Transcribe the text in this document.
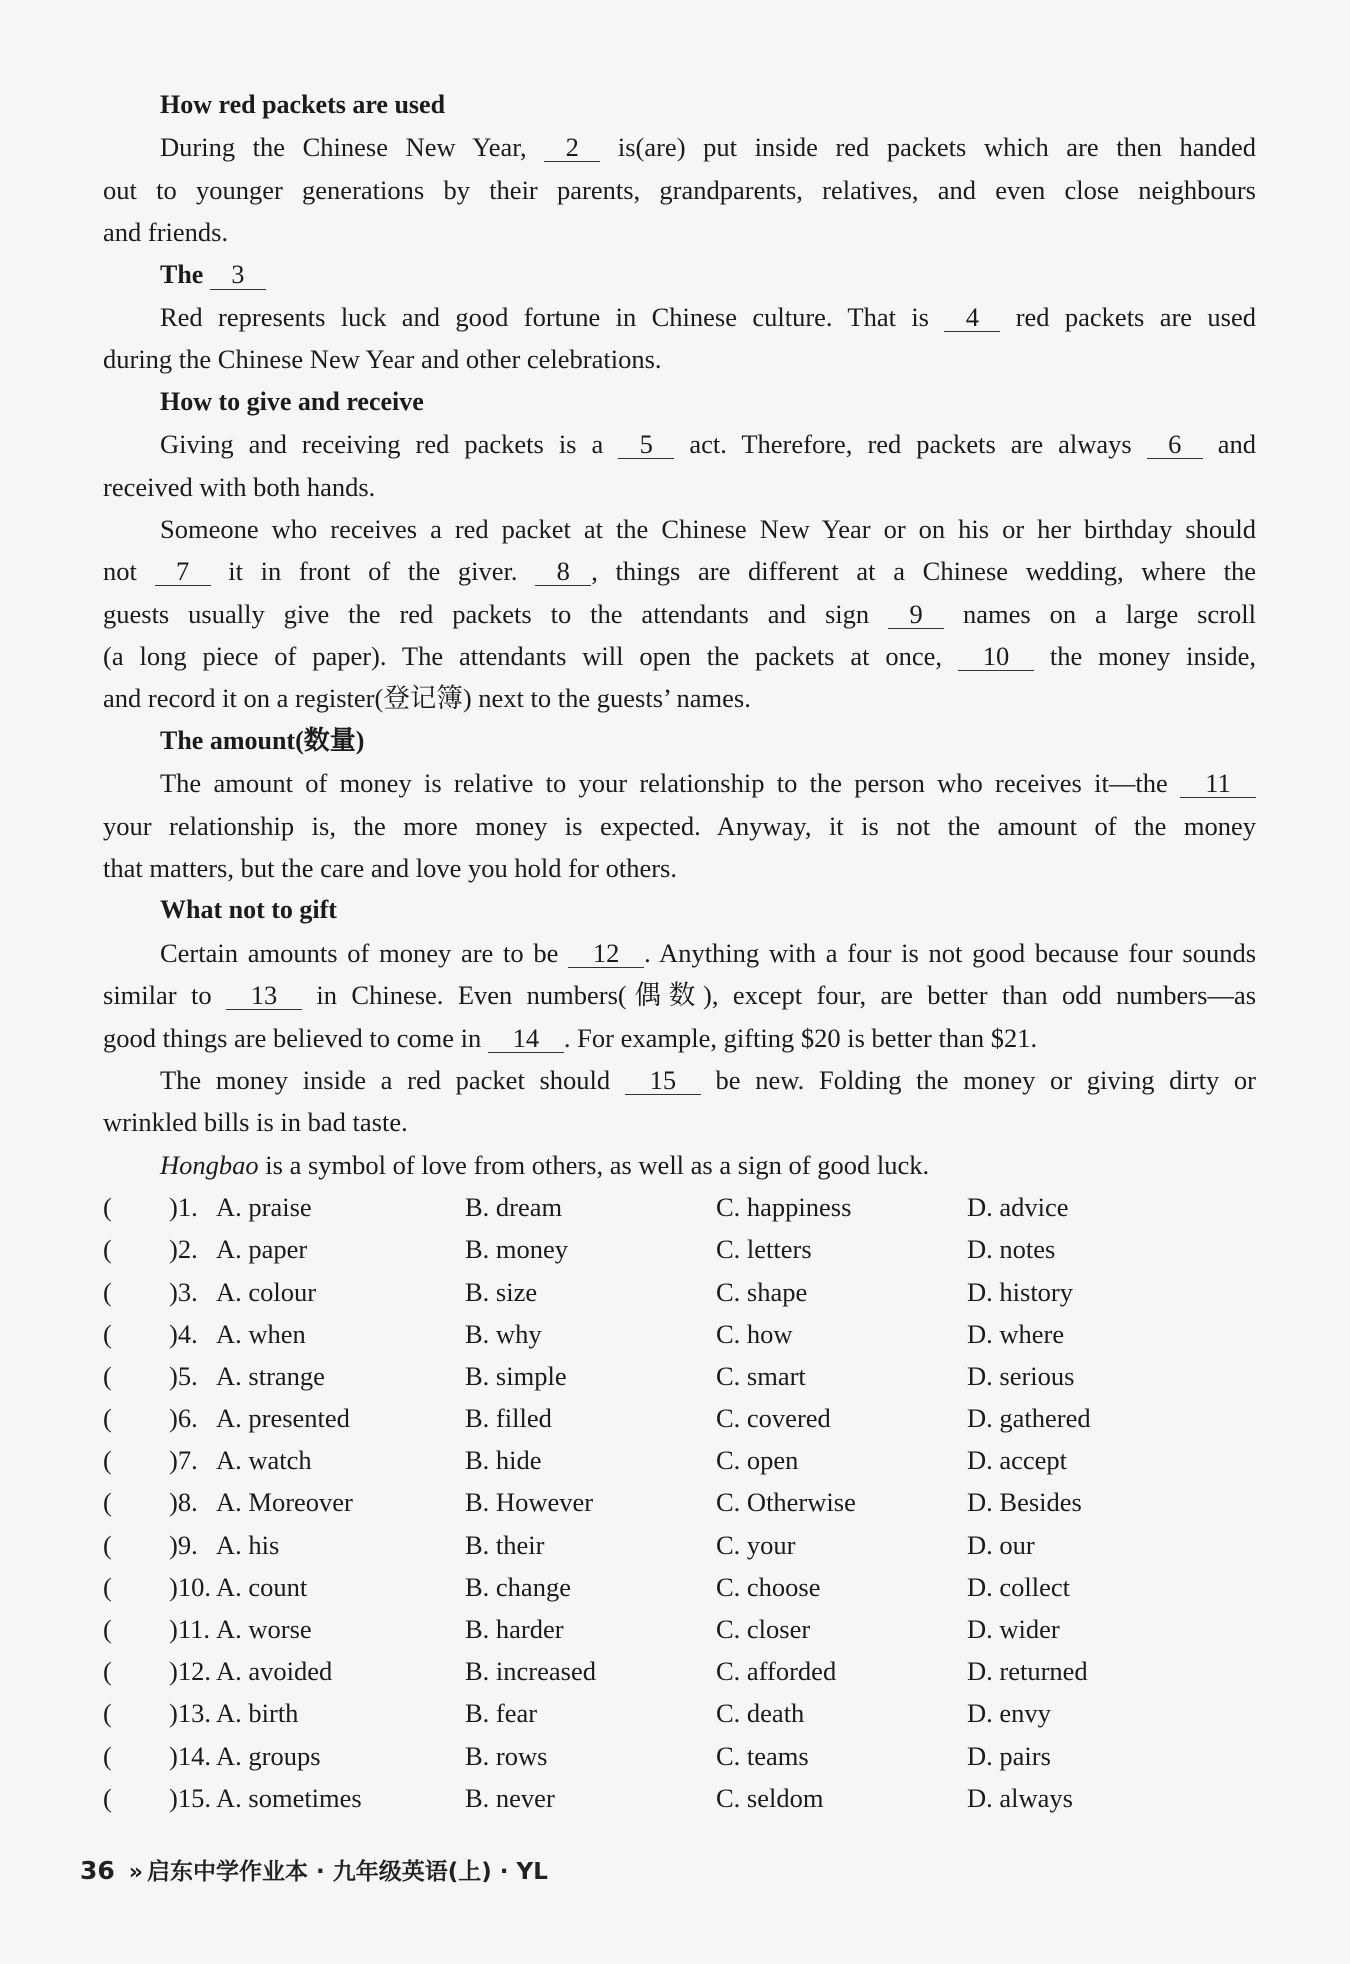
How red packets are used
During the Chinese New Year, 2 is(are) put inside red packets which are then handed
out to younger generations by their parents, grandparents, relatives, and even close neighbours
and friends.
The 3
Red represents luck and good fortune in Chinese culture. That is 4 red packets are used
during the Chinese New Year and other celebrations.
How to give and receive
Giving and receiving red packets is a 5 act. Therefore, red packets are always 6 and
received with both hands.
Someone who receives a red packet at the Chinese New Year or on his or her birthday should
not 7 it in front of the giver. 8 , things are different at a Chinese wedding, where the
guests usually give the red packets to the attendants and sign 9 names on a large scroll
(a long piece of paper). The attendants will open the packets at once, 10 the money inside,
and record it on a register(登记簿) next to the guests’ names.
The amount(数量)
The amount of money is relative to your relationship to the person who receives it—the 11
your relationship is, the more money is expected. Anyway, it is not the amount of the money
that matters, but the care and love you hold for others.
What not to gift
Certain amounts of money are to be 12 . Anything with a four is not good because four sounds
similar to 13 in Chinese. Even numbers(偶数), except four, are better than odd numbers—as
good things are believed to come in 14 . For example, gifting $20 is better than $21.
The money inside a red packet should 15 be new. Folding the money or giving dirty or
wrinkled bills is in bad taste.
Hongbao is a symbol of love from others, as well as a sign of good luck.
( )1. A. praise	B. dream	C. happiness	D. advice
( )2. A. paper	B. money	C. letters	D. notes
( )3. A. colour	B. size	C. shape	D. history
( )4. A. when	B. why	C. how	D. where
( )5. A. strange	B. simple	C. smart	D. serious
( )6. A. presented	B. filled	C. covered	D. gathered
( )7. A. watch	B. hide	C. open	D. accept
( )8. A. Moreover	B. However	C. Otherwise	D. Besides
( )9. A. his	B. their	C. your	D. our
( )10. A. count	B. change	C. choose	D. collect
( )11. A. worse	B. harder	C. closer	D. wider
( )12. A. avoided	B. increased	C. afforded	D. returned
( )13. A. birth	B. fear	C. death	D. envy
( )14. A. groups	B. rows	C. teams	D. pairs
( )15. A. sometimes	B. never	C. seldom	D. always
36 » 启东中学作业本 · 九年级英语(上) · YL
